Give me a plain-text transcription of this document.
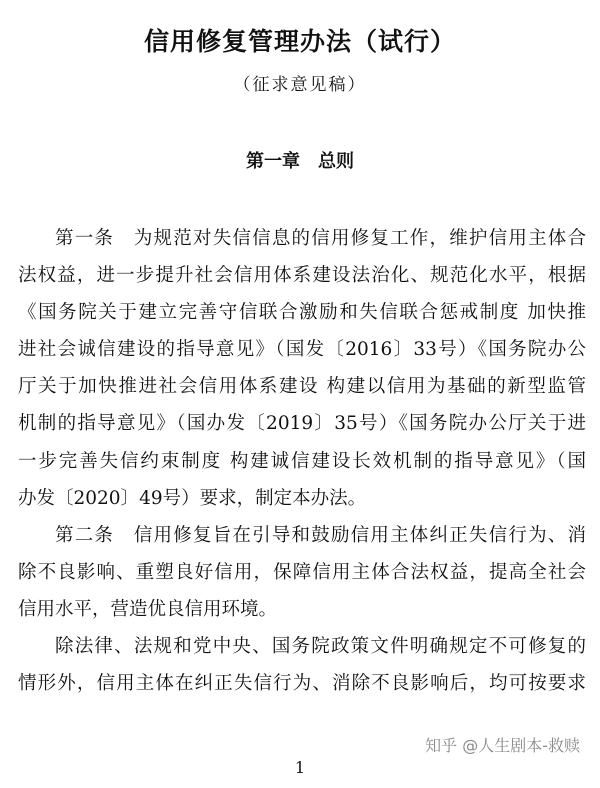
信用修复管理办法（试行）
（征求意见稿）
第一章　总则
第一条　为规范对失信信息的信用修复工作，维护信用主体合
法权益，进一步提升社会信用体系建设法治化、规范化水平，根据
《国务院关于建立完善守信联合激励和失信联合惩戒制度 加快推
进社会诚信建设的指导意见》（国发〔2016〕33号）《国务院办公
厅关于加快推进社会信用体系建设 构建以信用为基础的新型监管
机制的指导意见》（国办发〔2019〕35号）《国务院办公厅关于进
一步完善失信约束制度 构建诚信建设长效机制的指导意见》（国
办发〔2020〕49号）要求，制定本办法。
第二条　信用修复旨在引导和鼓励信用主体纠正失信行为、消
除不良影响、重塑良好信用，保障信用主体合法权益，提高全社会
信用水平，营造优良信用环境。
除法律、法规和党中央、国务院政策文件明确规定不可修复的
情形外，信用主体在纠正失信行为、消除不良影响后，均可按要求
知乎 @人生剧本-救赎
1
